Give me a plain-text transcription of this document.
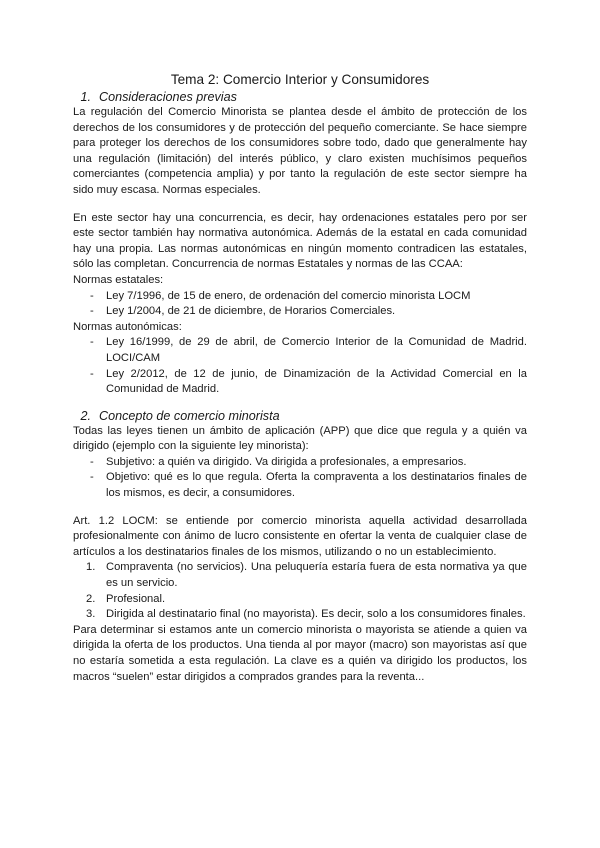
Tema 2: Comercio Interior y Consumidores
1. Consideraciones previas

La regulación del Comercio Minorista se plantea desde el ámbito de protección de los derechos de los consumidores y de protección del pequeño comerciante. Se hace siempre para proteger los derechos de los consumidores sobre todo, dado que generalmente hay una regulación (limitación) del interés público, y claro existen muchísimos pequeños comerciantes (competencia amplia) y por tanto la regulación de este sector siempre ha sido muy escasa. Normas especiales.

En este sector hay una concurrencia, es decir, hay ordenaciones estatales pero por ser este sector también hay normativa autonómica. Además de la estatal en cada comunidad hay una propia. Las normas autonómicas en ningún momento contradicen las estatales, sólo las completan. Concurrencia de normas Estatales y normas de las CCAA:

Normas estatales:
- Ley 7/1996, de 15 de enero, de ordenación del comercio minorista LOCM
- Ley 1/2004, de 21 de diciembre, de Horarios Comerciales.
Normas autonómicas:
- Ley 16/1999, de 29 de abril, de Comercio Interior de la Comunidad de Madrid. LOCI/CAM
- Ley 2/2012, de 12 de junio, de Dinamización de la Actividad Comercial en la Comunidad de Madrid.
2. Concepto de comercio minorista

Todas las leyes tienen un ámbito de aplicación (APP) que dice que regula y a quién va dirigido (ejemplo con la siguiente ley minorista):

- Subjetivo: a quién va dirigido. Va dirigida a profesionales, a empresarios.
- Objetivo: qué es lo que regula. Oferta la compraventa a los destinatarios finales de los mismos, es decir, a consumidores.

Art. 1.2 LOCM: se entiende por comercio minorista aquella actividad desarrollada profesionalmente con ánimo de lucro consistente en ofertar la venta de cualquier clase de artículos a los destinatarios finales de los mismos, utilizando o no un establecimiento.

1. Compraventa (no servicios). Una peluquería estaría fuera de esta normativa ya que es un servicio.
2. Profesional.
3. Dirigida al destinatario final (no mayorista). Es decir, solo a los consumidores finales.

Para determinar si estamos ante un comercio minorista o mayorista se atiende a quien va dirigida la oferta de los productos. Una tienda al por mayor (macro) son mayoristas así que no estaría sometida a esta regulación. La clave es a quién va dirigido los productos, los macros “suelen” estar dirigidos a comprados grandes para la reventa...
